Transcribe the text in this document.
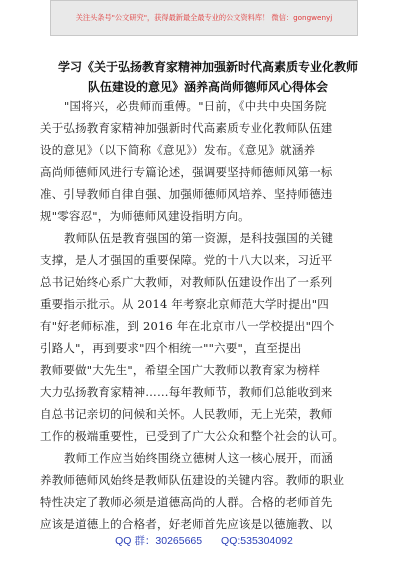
关注头条号"公文研究"，获得最新最全最专业的公文资料库！ 微信：gongwenyj
学习《关于弘扬教育家精神加强新时代高素质专业化教师
队伍建设的意见》涵养高尚师德师风心得体会
"国将兴，必贵师而重傅。"日前，《中共中央国务院
关于弘扬教育家精神加强新时代高素质专业化教师队伍建
设的意见》（以下简称《意见》）发布。《意见》就涵养
高尚师德师风进行专篇论述，强调要坚持师德师风第一标
准、引导教师自律自强、加强师德师风培养、坚持师德违
规"零容忍"，为师德师风建设指明方向。
教师队伍是教育强国的第一资源，是科技强国的关键
支撑，是人才强国的重要保障。党的十八大以来，习近平
总书记始终心系广大教师，对教师队伍建设作出了一系列
重要指示批示。从 2014 年考察北京师范大学时提出"四
有"好老师标准，到 2016 年在北京市八一学校提出"四个
引路人"，再到要求"四个相统一""六要"，直至提出
教师要做"大先生"，希望全国广大教师以教育家为榜样
大力弘扬教育家精神……每年教师节，教师们总能收到来
自总书记亲切的问候和关怀。人民教师，无上光荣，教师
工作的极端重要性，已受到了广大公众和整个社会的认可。
教师工作应当始终围绕立德树人这一核心展开，而涵
养教师德师风始终是教师队伍建设的关键内容。教师的职业
特性决定了教师必须是道德高尚的人群。合格的老师首先
应该是道德上的合格者，好老师首先应该是以德施教、以
QQ 群：30265665 QQ:535304092
